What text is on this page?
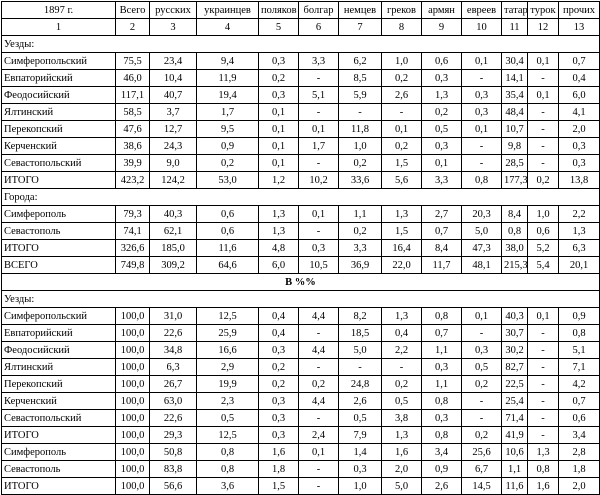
1897 г.	Всего	русских	украинцев	поляков	болгар	немцев	греков	армян	евреев	татар	турок	прочих
1	2	3	4	5	6	7	8	9	10	11	12	13
Уезды:												
Симферопольский	75,5	23,4	9,4	0,3	3,3	6,2	1,0	0,6	0,1	30,4	0,1	0,7
Евпаторийский	46,0	10,4	11,9	0,2	-	8,5	0,2	0,3	-	14,1	-	0,4
Феодосийский	117,1	40,7	19,4	0,3	5,1	5,9	2,6	1,3	0,3	35,4	0,1	6,0
Ялтинский	58,5	3,7	1,7	0,1	-	-	-	0,2	0,3	48,4	-	4,1
Перекопский	47,6	12,7	9,5	0,1	0,1	11,8	0,1	0,5	0,1	10,7	-	2,0
Керченский	38,6	24,3	0,9	0,1	1,7	1,0	0,2	0,3	-	9,8	-	0,3
Севастопольский	39,9	9,0	0,2	0,1	-	0,2	1,5	0,1	-	28,5	-	0,3
ИТОГО	423,2	124,2	53,0	1,2	10,2	33,6	5,6	3,3	0,8	177,3	0,2	13,8
Города:												
Симферополь	79,3	40,3	0,6	1,3	0,1	1,1	1,3	2,7	20,3	8,4	1,0	2,2
Севастополь	74,1	62,1	0,6	1,3	-	0,2	1,5	0,7	5,0	0,8	0,6	1,3
ИТОГО	326,6	185,0	11,6	4,8	0,3	3,3	16,4	8,4	47,3	38,0	5,2	6,3
ВСЕГО	749,8	309,2	64,6	6,0	10,5	36,9	22,0	11,7	48,1	215,3	5,4	20,1
В %%												
Уезды:												
Симферопольский	100,0	31,0	12,5	0,4	4,4	8,2	1,3	0,8	0,1	40,3	0,1	0,9
Евпаторийский	100,0	22,6	25,9	0,4	-	18,5	0,4	0,7	-	30,7	-	0,8
Феодосийский	100,0	34,8	16,6	0,3	4,4	5,0	2,2	1,1	0,3	30,2	-	5,1
Ялтинский	100,0	6,3	2,9	0,2	-	-	-	0,3	0,5	82,7	-	7,1
Перекопский	100,0	26,7	19,9	0,2	0,2	24,8	0,2	1,1	0,2	22,5	-	4,2
Керченский	100,0	63,0	2,3	0,3	4,4	2,6	0,5	0,8	-	25,4	-	0,7
Севастопольский	100,0	22,6	0,5	0,3	-	0,5	3,8	0,3	-	71,4	-	0,6
ИТОГО	100,0	29,3	12,5	0,3	2,4	7,9	1,3	0,8	0,2	41,9	-	3,4
Симферополь	100,0	50,8	0,8	1,6	0,1	1,4	1,6	3,4	25,6	10,6	1,3	2,8
Севастополь	100,0	83,8	0,8	1,8	-	0,3	2,0	0,9	6,7	1,1	0,8	1,8
ИТОГО	100,0	56,6	3,6	1,5	-	1,0	5,0	2,6	14,5	11,6	1,6	2,0
